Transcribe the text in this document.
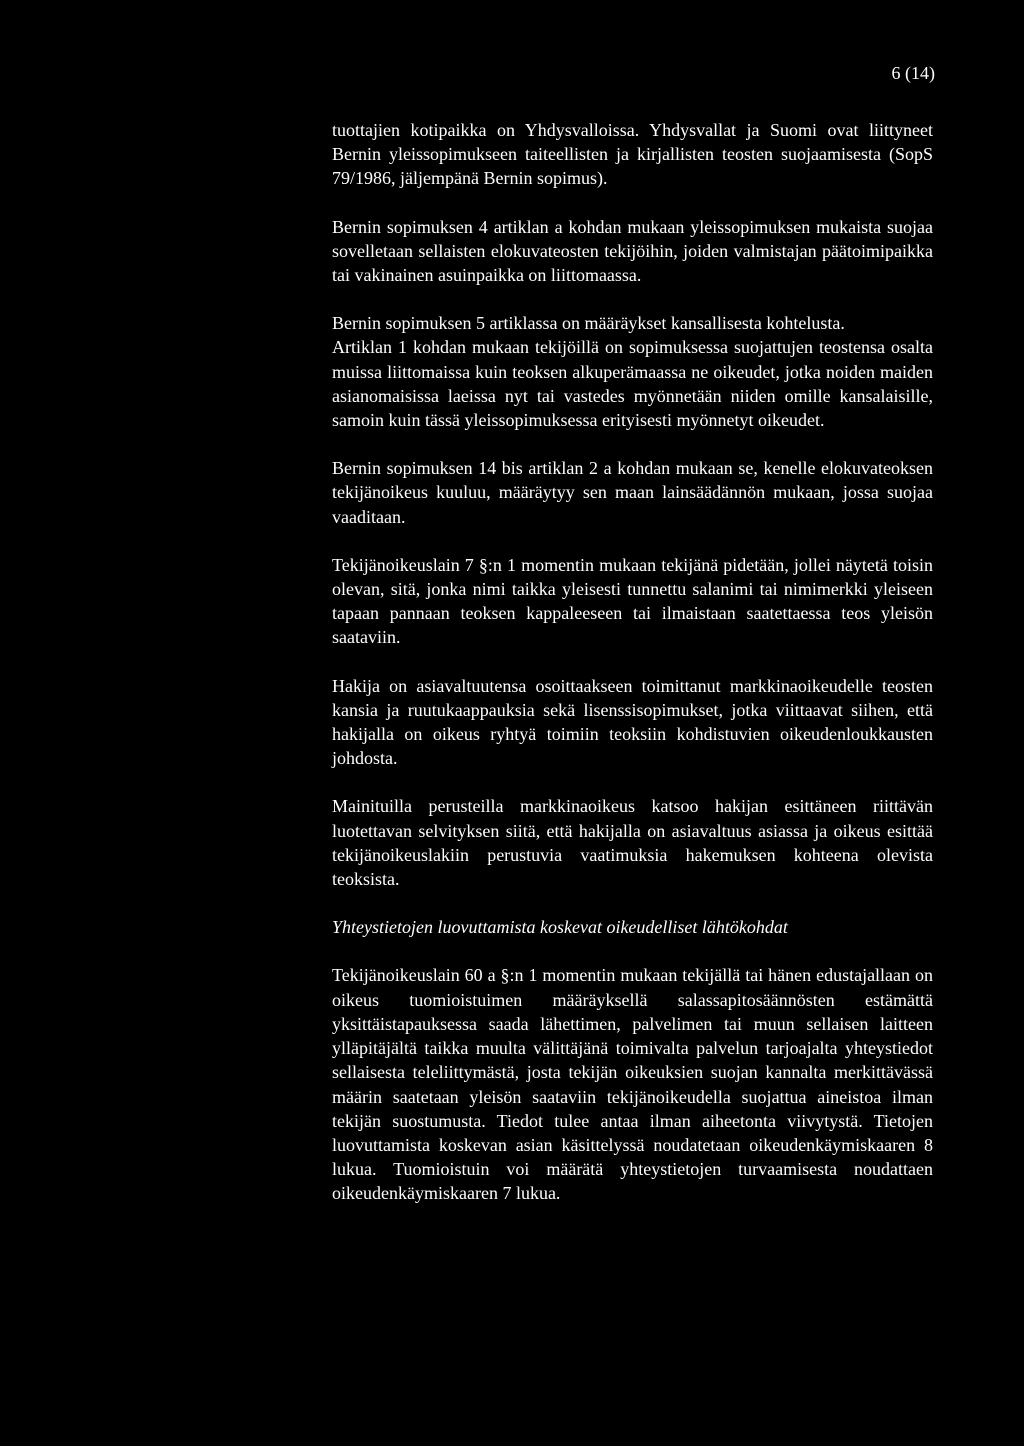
6 (14)

tuottajien kotipaikka on Yhdysvalloissa. Yhdysvallat ja Suomi ovat liittyneet Bernin yleissopimukseen taiteellisten ja kirjallisten teosten suojaamisesta (SopS 79/1986, jäljempänä Bernin sopimus).

Bernin sopimuksen 4 artiklan a kohdan mukaan yleissopimuksen mukaista suojaa sovelletaan sellaisten elokuvateosten tekijöihin, joiden valmistajan päätoimipaikka tai vakinainen asuinpaikka on liittomaassa.

Bernin sopimuksen 5 artiklassa on määräykset kansallisesta kohtelusta.

Artiklan 1 kohdan mukaan tekijöillä on sopimuksessa suojattujen teostensa osalta muissa liittomaissa kuin teoksen alkuperämaassa ne oikeudet, jotka noiden maiden asianomaisissa laeissa nyt tai vastedes myönnetään niiden omille kansalaisille, samoin kuin tässä yleissopimuksessa erityisesti myönnetyt oikeudet.

Bernin sopimuksen 14 bis artiklan 2 a kohdan mukaan se, kenelle elokuvateoksen tekijänoikeus kuuluu, määräytyy sen maan lainsäädännön mukaan, jossa suojaa vaaditaan.

Tekijänoikeuslain 7 §:n 1 momentin mukaan tekijänä pidetään, jollei näytetä toisin olevan, sitä, jonka nimi taikka yleisesti tunnettu salanimi tai nimimerkki yleiseen tapaan pannaan teoksen kappaleeseen tai ilmaistaan saatettaessa teos yleisön saataviin.

Hakija on asiavaltuutensa osoittaakseen toimittanut markkinaoikeudelle teosten kansia ja ruutukaappauksia sekä lisenssisopimukset, jotka viittaavat siihen, että hakijalla on oikeus ryhtyä toimiin teoksiin kohdistuvien oikeudenloukkausten johdosta.

Mainituilla perusteilla markkinaoikeus katsoo hakijan esittäneen riittävän luotettavan selvityksen siitä, että hakijalla on asiavaltuus asiassa ja oikeus esittää tekijänoikeuslakiin perustuvia vaatimuksia hakemuksen kohteena olevista teoksista.

Yhteystietojen luovuttamista koskevat oikeudelliset lähtökohdat

Tekijänoikeuslain 60 a §:n 1 momentin mukaan tekijällä tai hänen edustajallaan on oikeus tuomioistuimen määräyksellä salassapitosäännösten estämättä yksittäistapauksessa saada lähettimen, palvelimen tai muun sellaisen laitteen ylläpitäjältä taikka muulta välittäjänä toimivalta palvelun tarjoajalta yhteystiedot sellaisesta teleliittymästä, josta tekijän oikeuksien suojan kannalta merkittävässä määrin saatetaan yleisön saataviin tekijänoikeudella suojattua aineistoa ilman tekijän suostumusta. Tiedot tulee antaa ilman aiheetonta viivytystä. Tietojen luovuttamista koskevan asian käsittelyssä noudatetaan oikeudenkäymiskaaren 8 lukua. Tuomioistuin voi määrätä yhteystietojen turvaamisesta noudattaen oikeudenkäymiskaaren 7 lukua.
